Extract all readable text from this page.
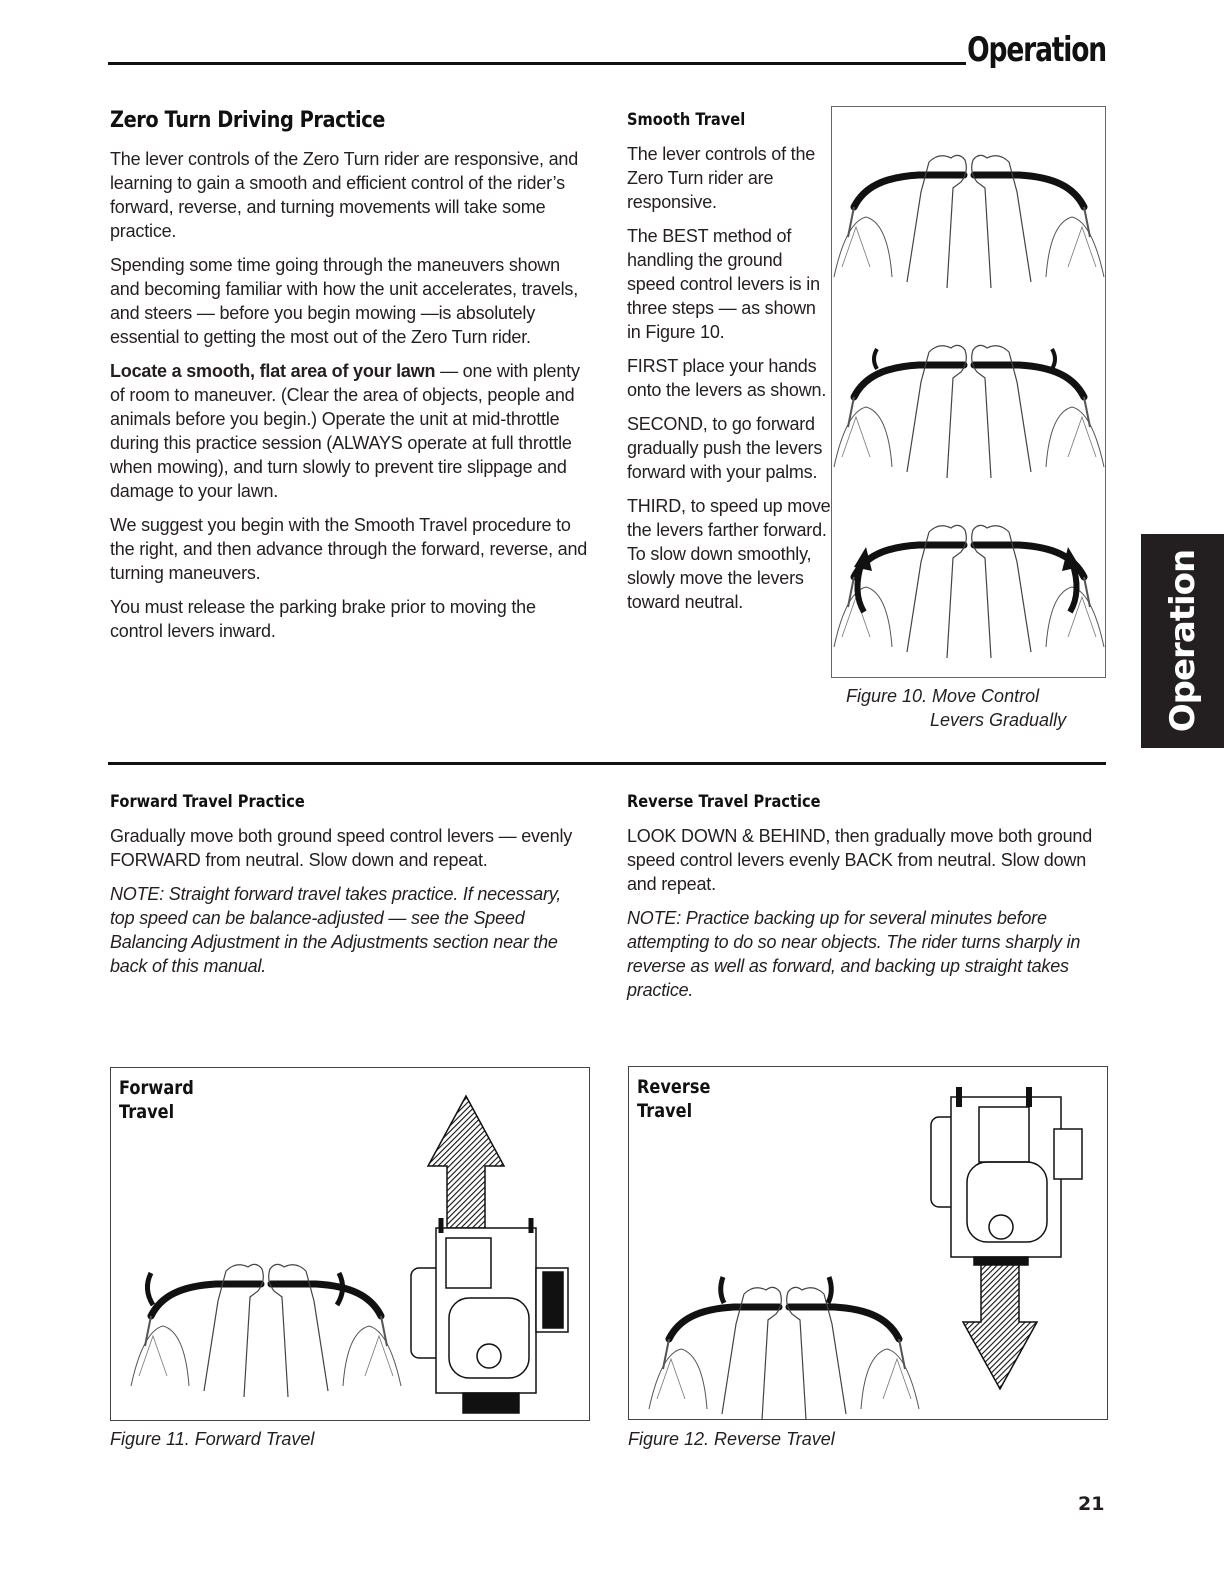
Operation
Operation
Zero Turn Driving Practice

The lever controls of the Zero Turn rider are responsive, and learning to gain a smooth and efficient control of the rider’s forward, reverse, and turning movements will take some practice.

Spending some time going through the maneuvers shown and becoming familiar with how the unit accelerates, travels, and steers — before you begin mowing —is absolutely essential to getting the most out of the Zero Turn rider.

Locate a smooth, flat area of your lawn — one with plenty of room to maneuver. (Clear the area of objects, people and animals before you begin.) Operate the unit at mid-throttle during this practice session (ALWAYS operate at full throttle when mowing), and turn slowly to prevent tire slippage and damage to your lawn.

We suggest you begin with the Smooth Travel procedure to the right, and then advance through the forward, reverse, and turning maneuvers.

You must release the parking brake prior to moving the control levers inward.

Smooth Travel

The lever controls of the Zero Turn rider are responsive.

The BEST method of handling the ground speed control levers is in three steps — as shown in Figure 10.

FIRST place your hands onto the levers as shown.

SECOND, to go forward gradually push the levers forward with your palms.

THIRD, to speed up move the levers farther forward. To slow down smoothly, slowly move the levers toward neutral.

Figure 10. Move Control
Levers Gradually
Forward Travel Practice

Gradually move both ground speed control levers — evenly FORWARD from neutral. Slow down and repeat.

NOTE: Straight forward travel takes practice. If necessary, top speed can be balance-adjusted — see the Speed Balancing Adjustment in the Adjustments section near the back of this manual.

Reverse Travel Practice

LOOK DOWN & BEHIND, then gradually move both ground speed control levers evenly BACK from neutral. Slow down and repeat.

NOTE: Practice backing up for several minutes before attempting to do so near objects. The rider turns sharply in reverse as well as forward, and backing up straight takes practice.

Forward
Travel
Figure 11. Forward Travel
Reverse
Travel
Figure 12. Reverse Travel
21
